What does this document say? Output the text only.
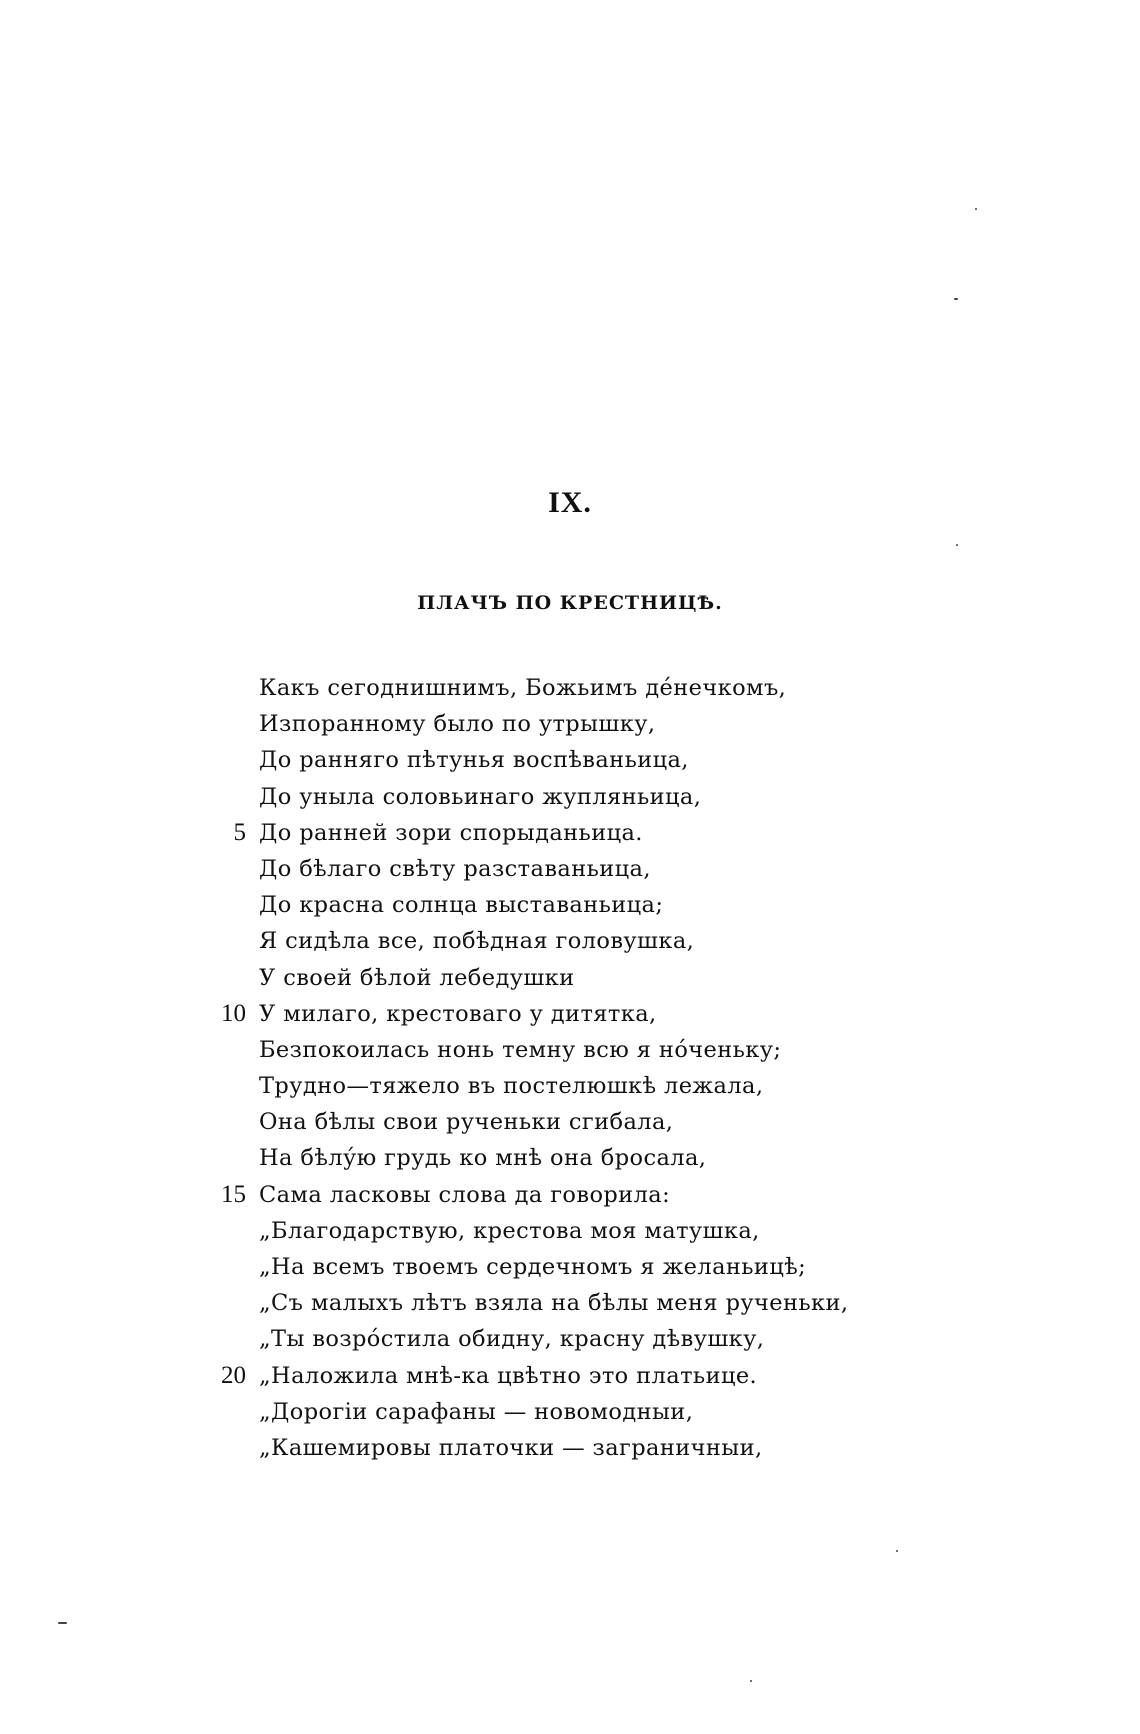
IX.
ПЛАЧЪ ПО КРЕСТНИЦѢ.
Какъ сегоднишнимъ, Божьимъ де́нечкомъ,
Изпоранному было по утрышку,
До ранняго пѣтунья воспѣваньица,
До уныла соловьинаго жупляньица,
5 До ранней зори спорыданьица.
До бѣлаго свѣту разставаньица,
До красна солнца выставаньица;
Я сидѣла все, побѣдная головушка,
У своей бѣлой лебедушки
10 У милаго, крестоваго у дитятка,
Безпокоилась нонь темну всю я но́ченьку;
Трудно—тяжело въ постелюшкѣ лежала,
Она бѣлы свои рученьки сгибала,
На бѣлу́ю грудь ко мнѣ она бросала,
15 Сама ласковы слова да говорила:
„Благодарствую, крестова моя матушка,
„На всемъ твоемъ сердечномъ я желаньицѣ;
„Съ малыхъ лѣтъ взяла на бѣлы меня рученьки,
„Ты возро́стила обидну, красну дѣвушку,
20 „Наложила мнѣ-ка цвѣтно это платьице.
„Дорогiи сарафаны — новомодныи,
„Кашемировы платочки — заграничныи,
